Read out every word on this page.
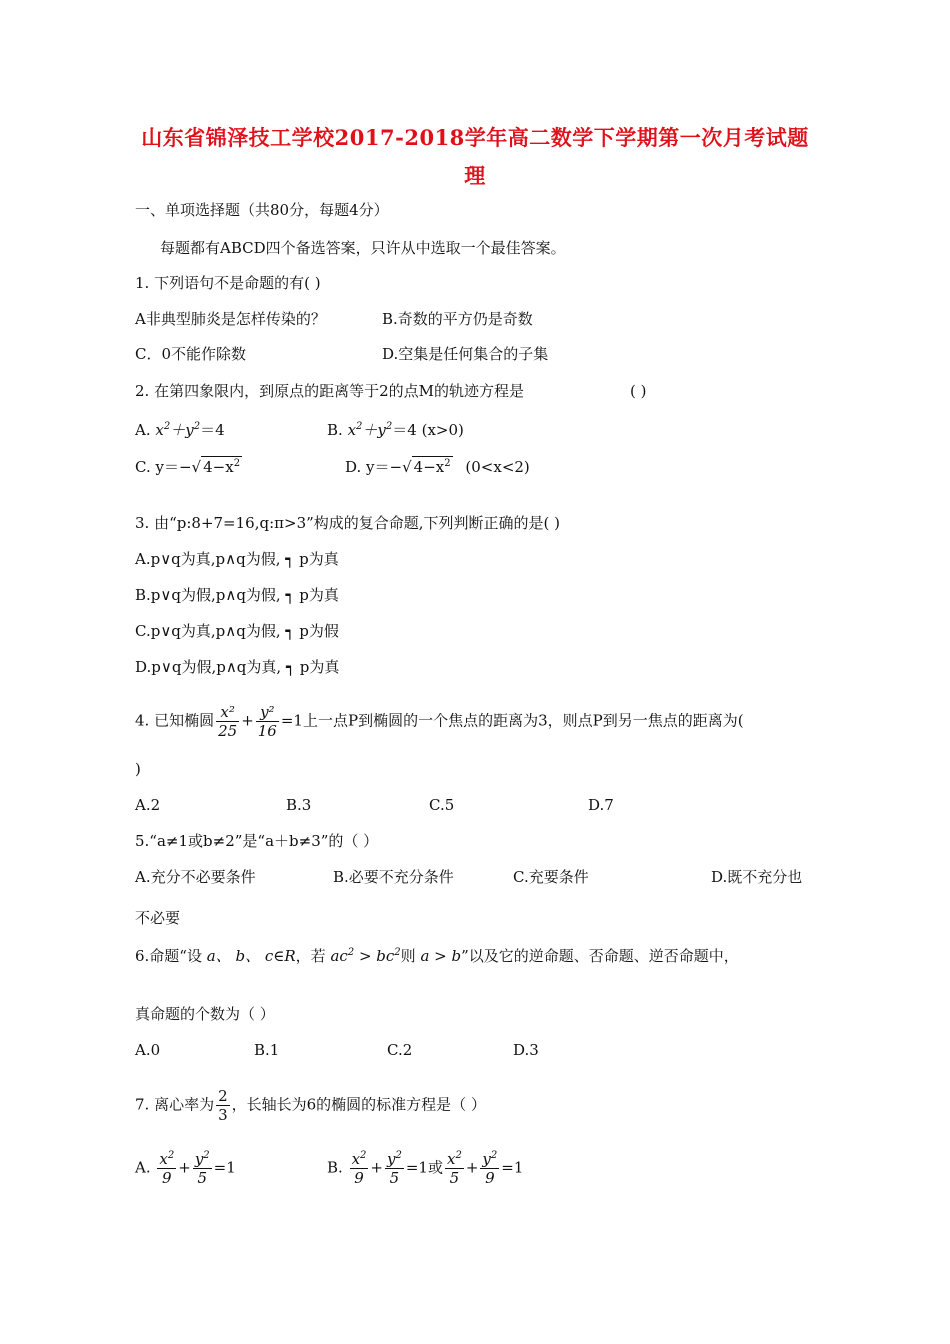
山东省锦泽技工学校2017-2018学年高二数学下学期第一次月考试题
理
一、单项选择题（共80分，每题4分）
每题都有ABCD四个备选答案，只许从中选取一个最佳答案。
1. 下列语句不是命题的有( )
A非典型肺炎是怎样传染的？	B.奇数的平方仍是奇数
C．0不能作除数	D.空集是任何集合的子集
2. 在第四象限内，到原点的距离等于2的点M的轨迹方程是	( )
A. $x^2+y^2=4$	B. $x^2+y^2=4$ (x>0)
C. y＝−√ $4-x^2$	D. y＝−√ $4-x^2$ (0<x<2)
3. 由“p:8+7=16,q:π>3”构成的复合命题,下列判断正确的是( )
A.p∨q为真,p∧q为假, ┑ p为真
B.p∨q为假,p∧q为假, ┑ p为真
C.p∨q为真,p∧q为假, ┑ p为假
D.p∨q为假,p∧q为真, ┑ p为真
4. 已知椭圆 $\frac{\text{x²}}{25} + \frac{\text{y²}}{16} =1$上一点P到椭圆的一个焦点的距离为3，则点P到另一焦点的距离为(
)
A.2	B.3	C.5	D.7
5.“a≠1或b≠2”是“a＋b≠3”的（ ）
A.充分不必要条件	B.必要不充分条件	C.充要条件	D.既不充分也
不必要
6.命题“设 a、 b、 c∈R，若 $ac^2 > bc^2$则 a > b”以及它的逆命题、否命题、逆否命题中，
真命题的个数为（ ）
A.0	B.1	C.2	D.3
7. 离心率为 $\frac{2}{3}$ ，长轴长为6的椭圆的标准方程是（ ）
A. $\frac{x^2}{9} + \frac{y^2}{5} =1$	B. $\frac{x^2}{9} + \frac{y^2}{5} =1$或 $\frac{x^2}{5} + \frac{y^2}{9} =1$
